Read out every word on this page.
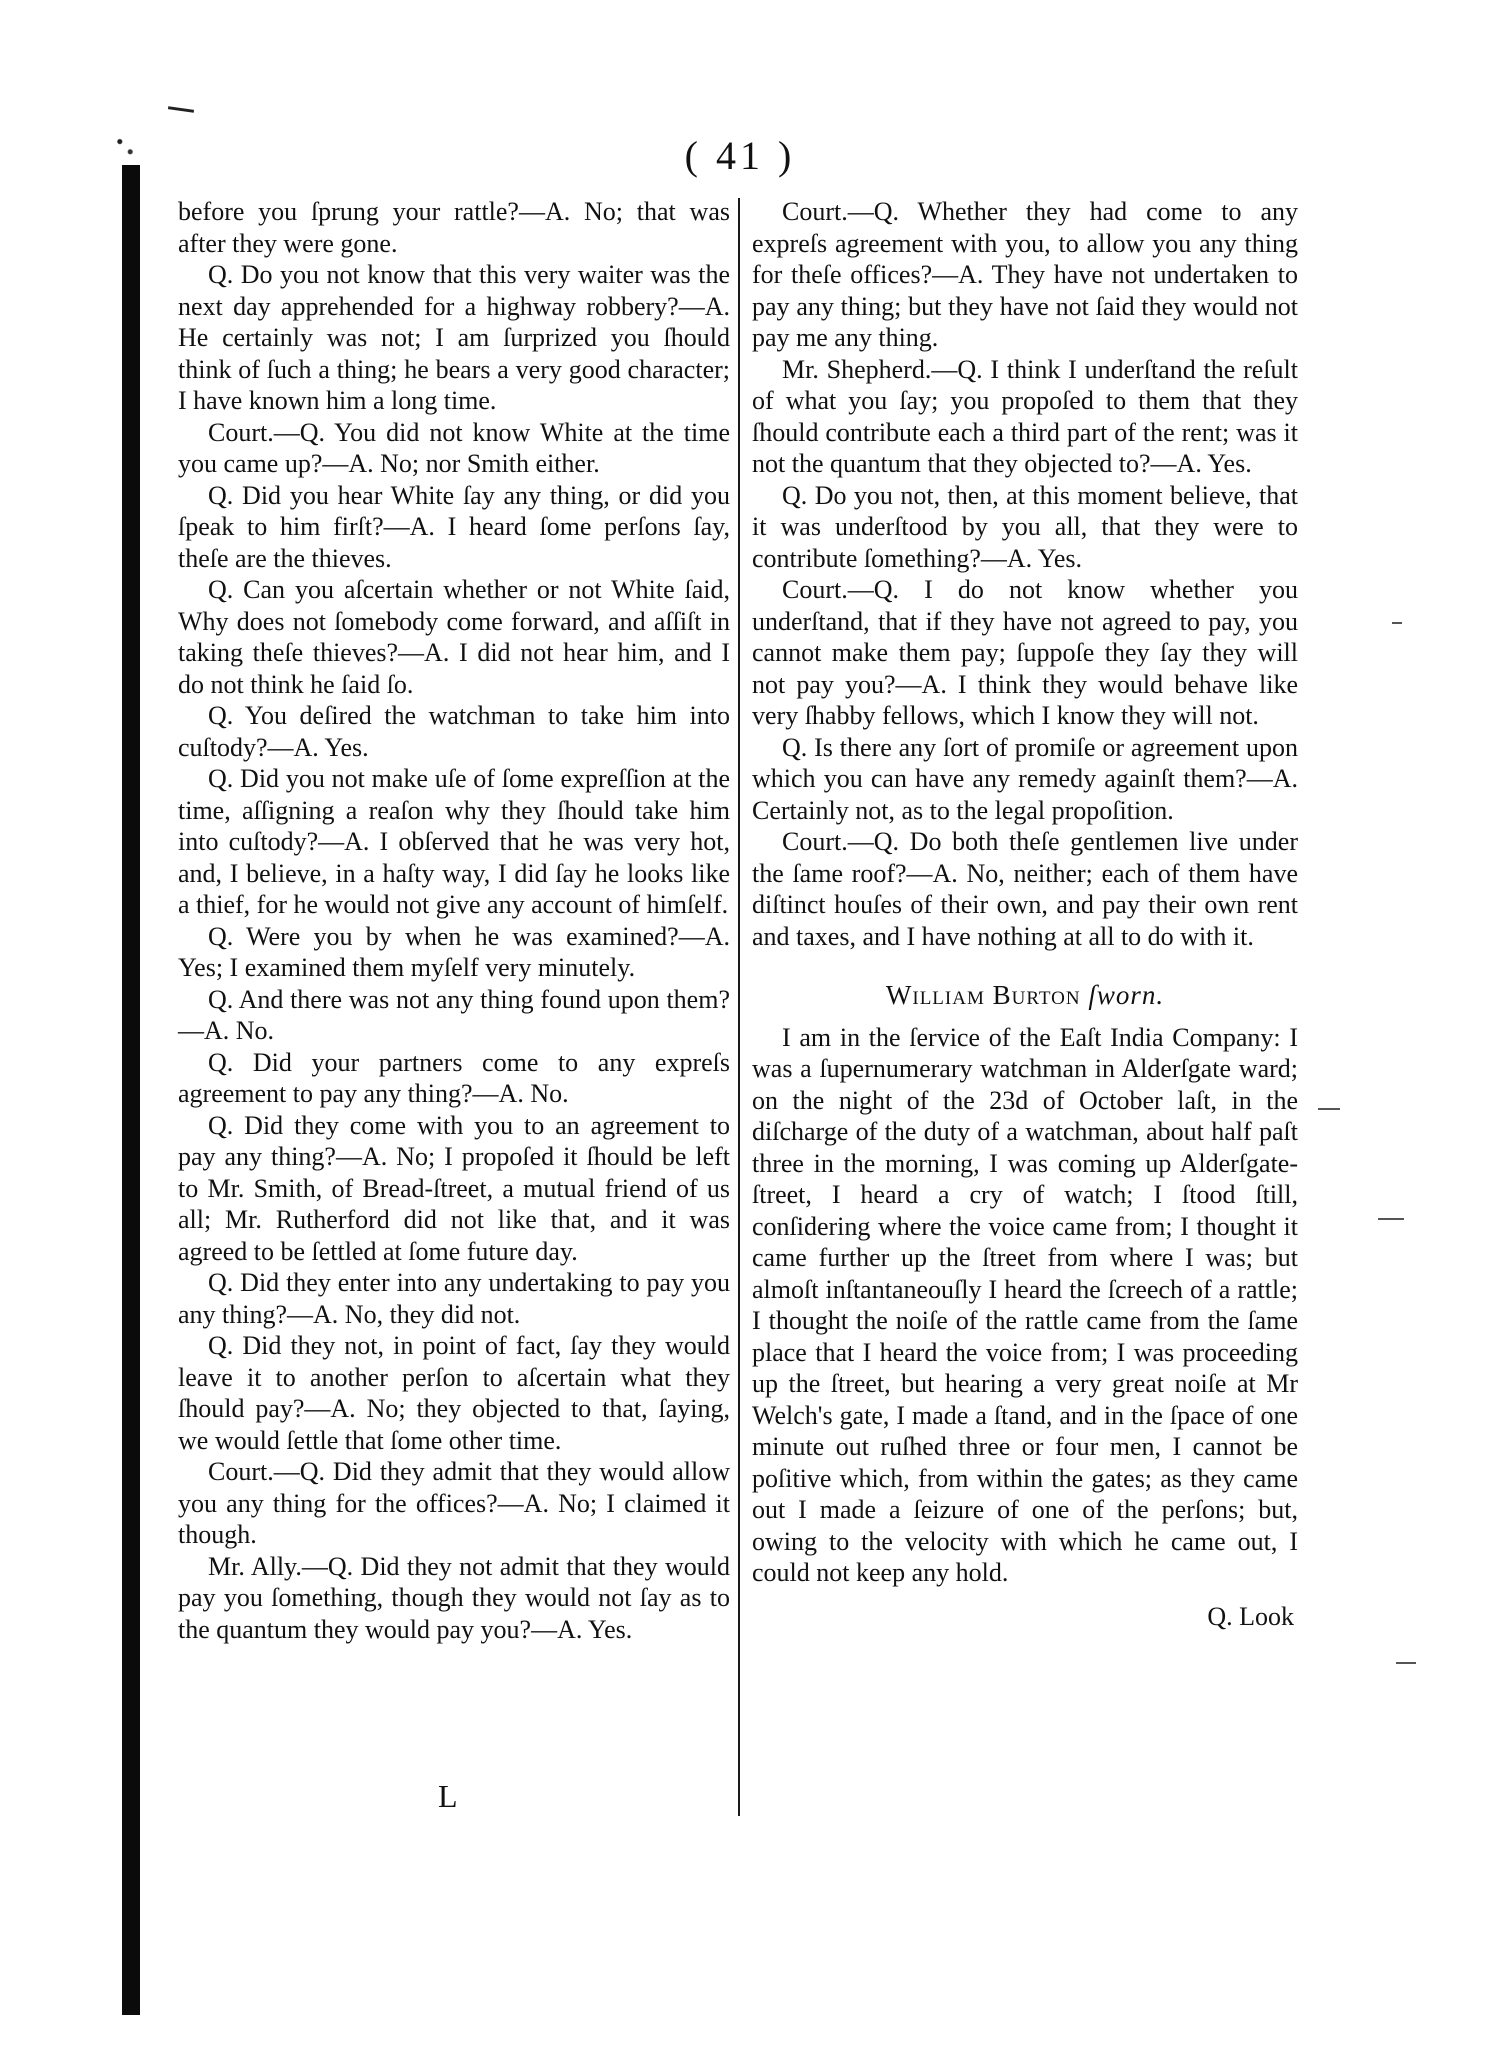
( 41 )

before you ſprung your rattle?—A. No; that was after they were gone.

Q. Do you not know that this very waiter was the next day apprehended for a highway robbery?—A. He certainly was not; I am ſurprized you ſhould think of ſuch a thing; he bears a very good character; I have known him a long time.

Court.—Q. You did not know White at the time you came up?—A. No; nor Smith either.

Q. Did you hear White ſay any thing, or did you ſpeak to him firſt?—A. I heard ſome perſons ſay, theſe are the thieves.

Q. Can you aſcertain whether or not White ſaid, Why does not ſomebody come forward, and aſſiſt in taking theſe thieves?—A. I did not hear him, and I do not think he ſaid ſo.

Q. You deſired the watchman to take him into cuſtody?—A. Yes.

Q. Did you not make uſe of ſome expreſſion at the time, aſſigning a reaſon why they ſhould take him into cuſtody?—A. I obſerved that he was very hot, and, I believe, in a haſty way, I did ſay he looks like a thief, for he would not give any account of himſelf.

Q. Were you by when he was examined?—A. Yes; I examined them myſelf very minutely.

Q. And there was not any thing found upon them?—A. No.

Q. Did your partners come to any expreſs agreement to pay any thing?—A. No.

Q. Did they come with you to an agreement to pay any thing?—A. No; I propoſed it ſhould be left to Mr. Smith, of Bread-ſtreet, a mutual friend of us all; Mr. Rutherford did not like that, and it was agreed to be ſettled at ſome future day.

Q. Did they enter into any undertaking to pay you any thing?—A. No, they did not.

Q. Did they not, in point of fact, ſay they would leave it to another perſon to aſcertain what they ſhould pay?—A. No; they objected to that, ſaying, we would ſettle that ſome other time.

Court.—Q. Did they admit that they would allow you any thing for the offices?—A. No; I claimed it though.

Mr. Ally.—Q. Did they not admit that they would pay you ſomething, though they would not ſay as to the quantum they would pay you?—A. Yes.

Court.—Q. Whether they had come to any expreſs agreement with you, to allow you any thing for theſe offices?—A. They have not undertaken to pay any thing; but they have not ſaid they would not pay me any thing.

Mr. Shepherd.—Q. I think I underſtand the reſult of what you ſay; you propoſed to them that they ſhould contribute each a third part of the rent; was it not the quantum that they objected to?—A. Yes.

Q. Do you not, then, at this moment believe, that it was underſtood by you all, that they were to contribute ſomething?—A. Yes.

Court.—Q. I do not know whether you underſtand, that if they have not agreed to pay, you cannot make them pay; ſuppoſe they ſay they will not pay you?—A. I think they would behave like very ſhabby fellows, which I know they will not.

Q. Is there any ſort of promiſe or agreement upon which you can have any remedy againſt them?—A. Certainly not, as to the legal propoſition.

Court.—Q. Do both theſe gentlemen live under the ſame roof?—A. No, neither; each of them have diſtinct houſes of their own, and pay their own rent and taxes, and I have nothing at all to do with it.

William Burton ſworn.

I am in the ſervice of the Eaſt India Company: I was a ſupernumerary watchman in Alderſgate ward; on the night of the 23d of October laſt, in the diſcharge of the duty of a watchman, about half paſt three in the morning, I was coming up Alderſgate-ſtreet, I heard a cry of watch; I ſtood ſtill, conſidering where the voice came from; I thought it came further up the ſtreet from where I was; but almoſt inſtantaneouſly I heard the ſcreech of a rattle; I thought the noiſe of the rattle came from the ſame place that I heard the voice from; I was proceeding up the ſtreet, but hearing a very great noiſe at Mr Welch's gate, I made a ſtand, and in the ſpace of one minute out ruſhed three or four men, I cannot be poſitive which, from within the gates; as they came out I made a ſeizure of one of the perſons; but, owing to the velocity with which he came out, I could not keep any hold.

Q. Look
L
